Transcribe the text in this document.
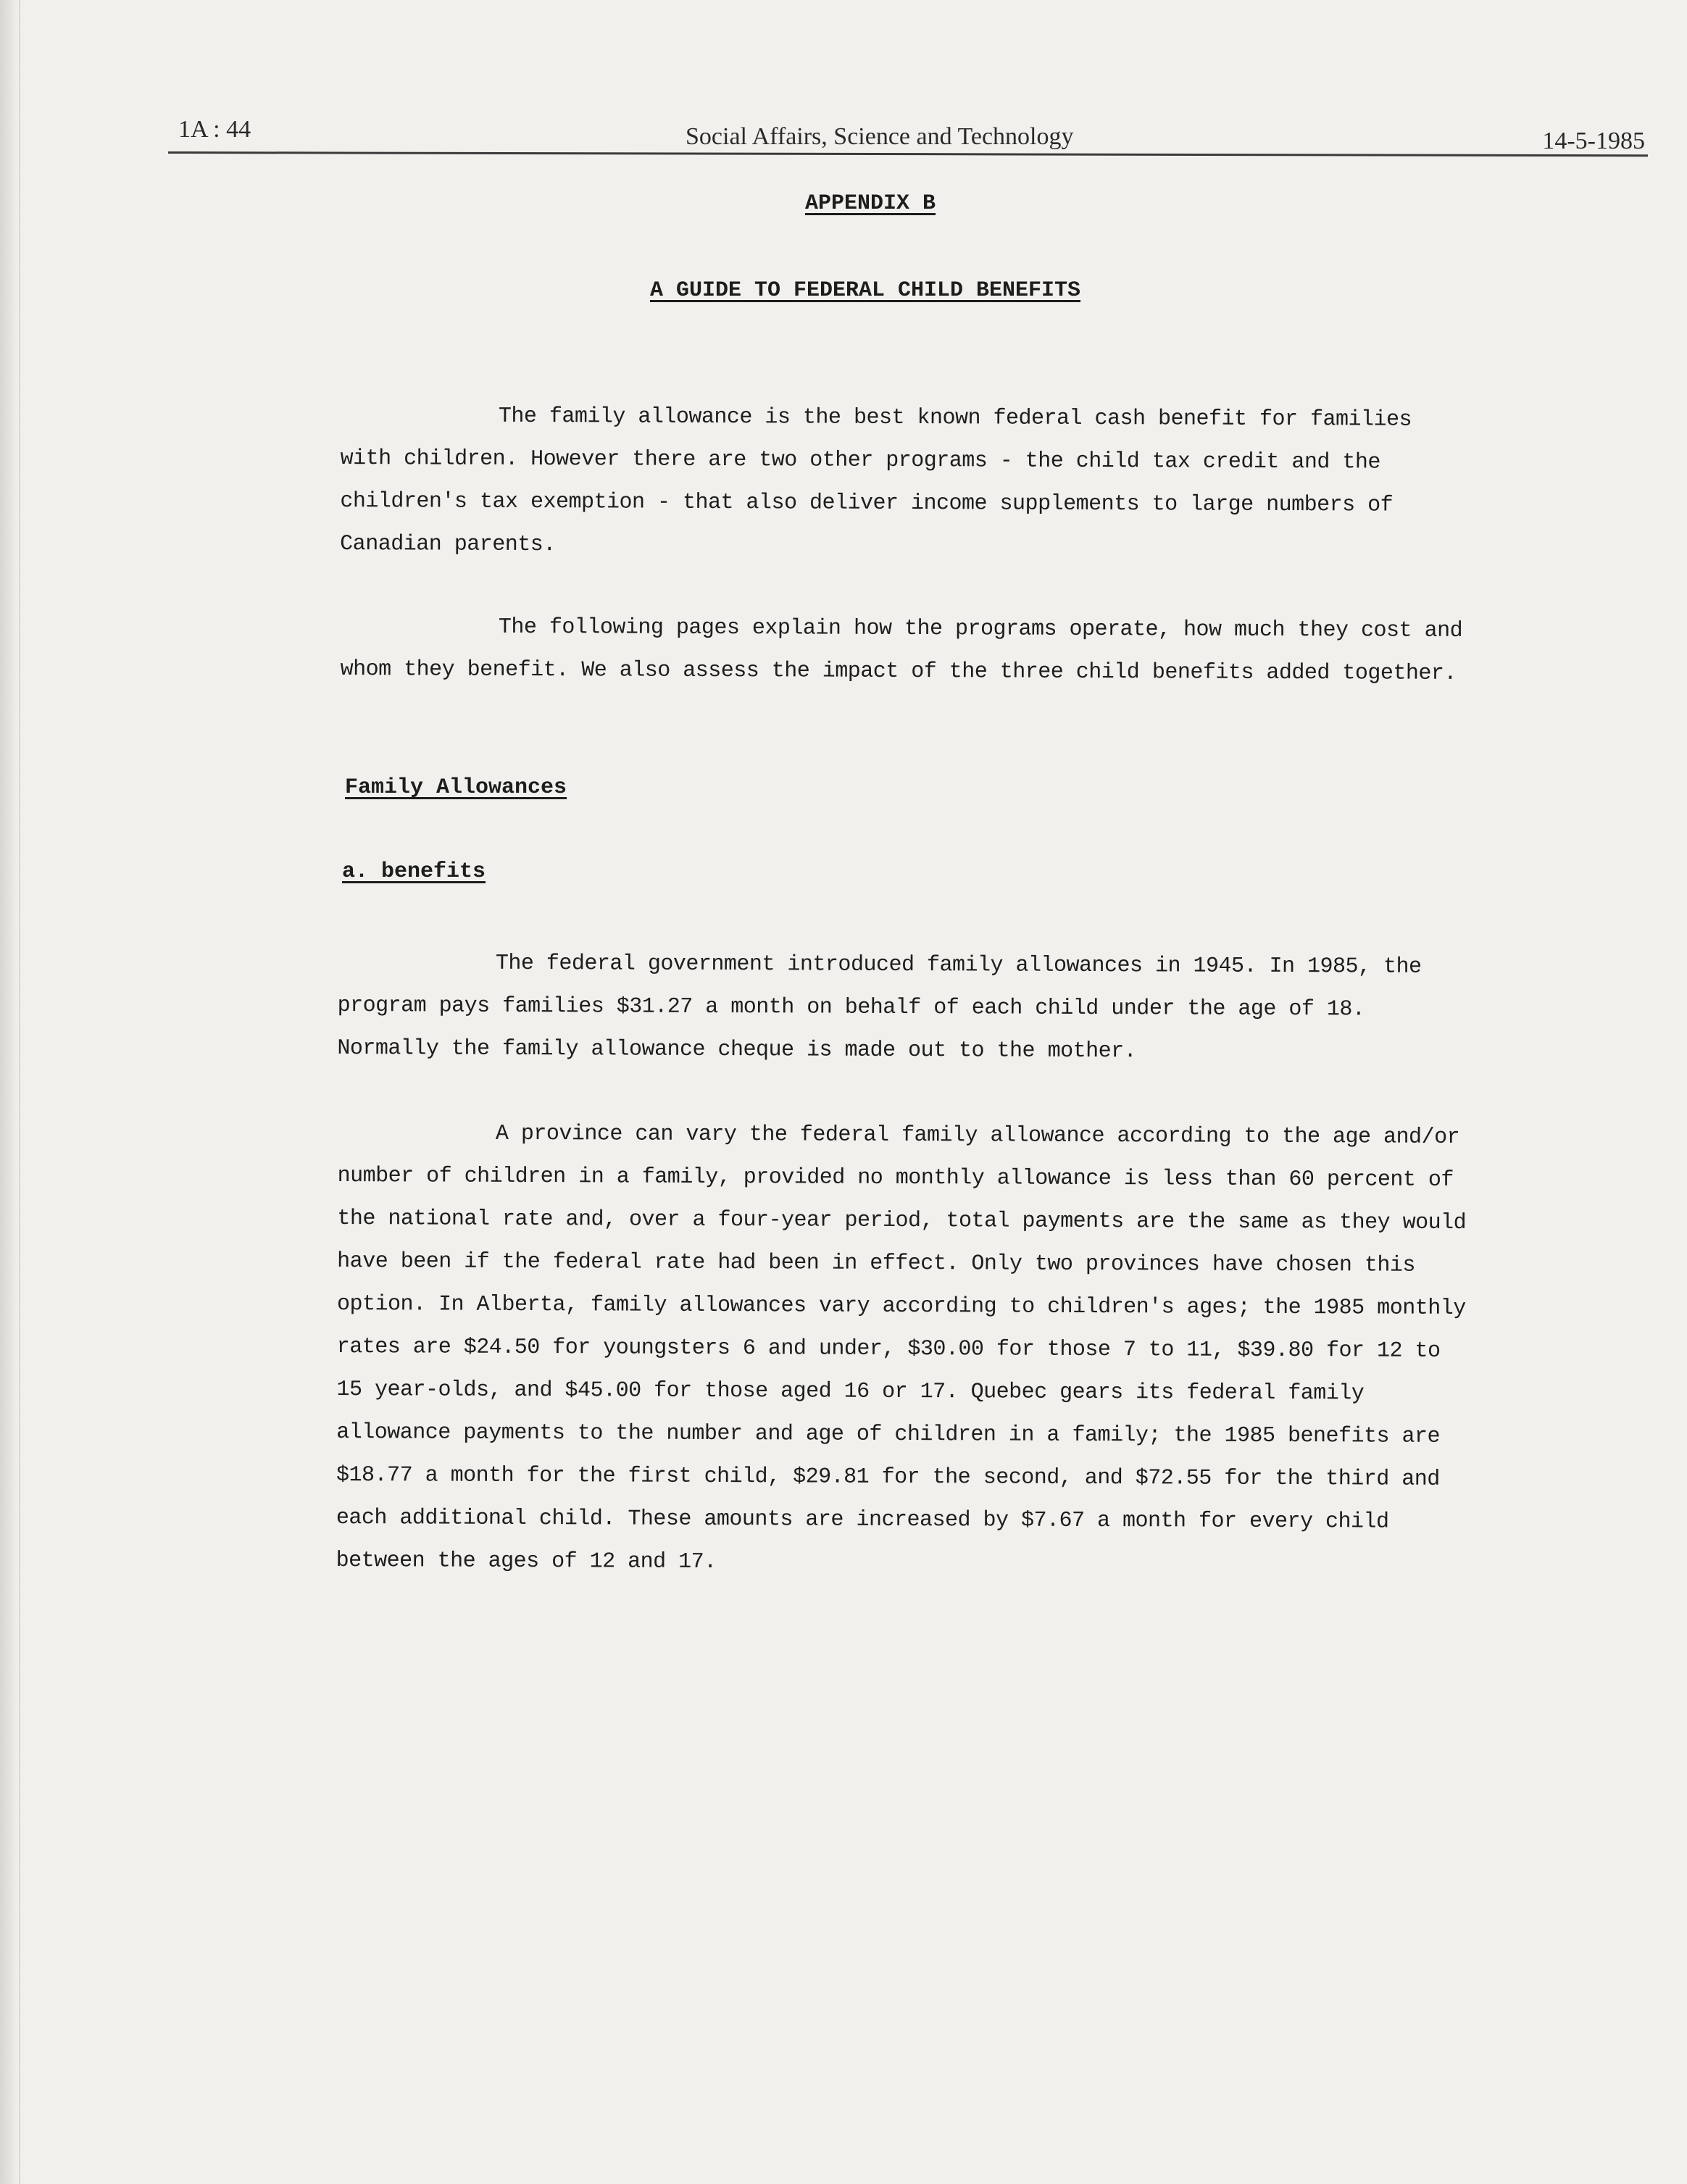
1A : 44	Social Affairs, Science and Technology	14-5-1985
APPENDIX B
A GUIDE TO FEDERAL CHILD BENEFITS

The family allowance is the best known federal cash benefit for families with children. However there are two other programs - the child tax credit and the children's tax exemption - that also deliver income supplements to large numbers of Canadian parents.

The following pages explain how the programs operate, how much they cost and whom they benefit. We also assess the impact of the three child benefits added together.

Family Allowances
a. benefits

The federal government introduced family allowances in 1945. In 1985, the program pays families $31.27 a month on behalf of each child under the age of 18. Normally the family allowance cheque is made out to the mother.

A province can vary the federal family allowance according to the age and/or number of children in a family, provided no monthly allowance is less than 60 percent of the national rate and, over a four-year period, total payments are the same as they would have been if the federal rate had been in effect. Only two provinces have chosen this option. In Alberta, family allowances vary according to children's ages; the 1985 monthly rates are $24.50 for youngsters 6 and under, $30.00 for those 7 to 11, $39.80 for 12 to 15 year-olds, and $45.00 for those aged 16 or 17. Quebec gears its federal family allowance payments to the number and age of children in a family; the 1985 benefits are $18.77 a month for the first child, $29.81 for the second, and $72.55 for the third and each additional child. These amounts are increased by $7.67 a month for every child between the ages of 12 and 17.
